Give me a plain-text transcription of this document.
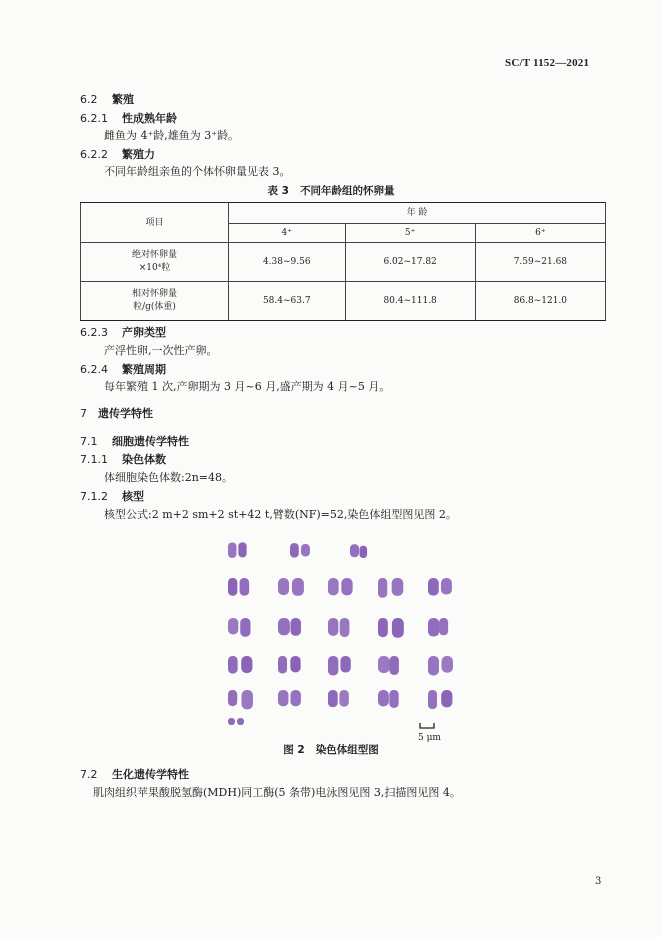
SC/T 1152—2021
6.2 繁殖
6.2.1 性成熟年龄
雌鱼为 4⁺龄,雄鱼为 3⁺龄。
6.2.2 繁殖力
不同年龄组亲鱼的个体怀卵量见表 3。
表 3   不同年龄组的怀卵量
项目	年 龄		
	4⁺	5⁺	6⁺

绝对怀卵量
×10⁴粒	4.38~9.56	6.02~17.82	7.59~21.68

相对怀卵量
粒/g(体重)	58.4~63.7	80.4~111.8	86.8~121.0
6.2.3 产卵类型
产浮性卵,一次性产卵。
6.2.4 繁殖周期
每年繁殖 1 次,产卵期为 3 月~6 月,盛产期为 4 月~5 月。
7 遗传学特性
7.1 细胞遗传学特性
7.1.1 染色体数
体细胞染色体数:2n=48。
7.1.2 核型
核型公式:2 m+2 sm+2 st+42 t,臂数(NF)=52,染色体组型图见图 2。
5 μm
图 2   染色体组型图
7.2 生化遗传学特性
肌肉组织苹果酸脱氢酶(MDH)同工酶(5 条带)电泳图见图 3,扫描图见图 4。
3
